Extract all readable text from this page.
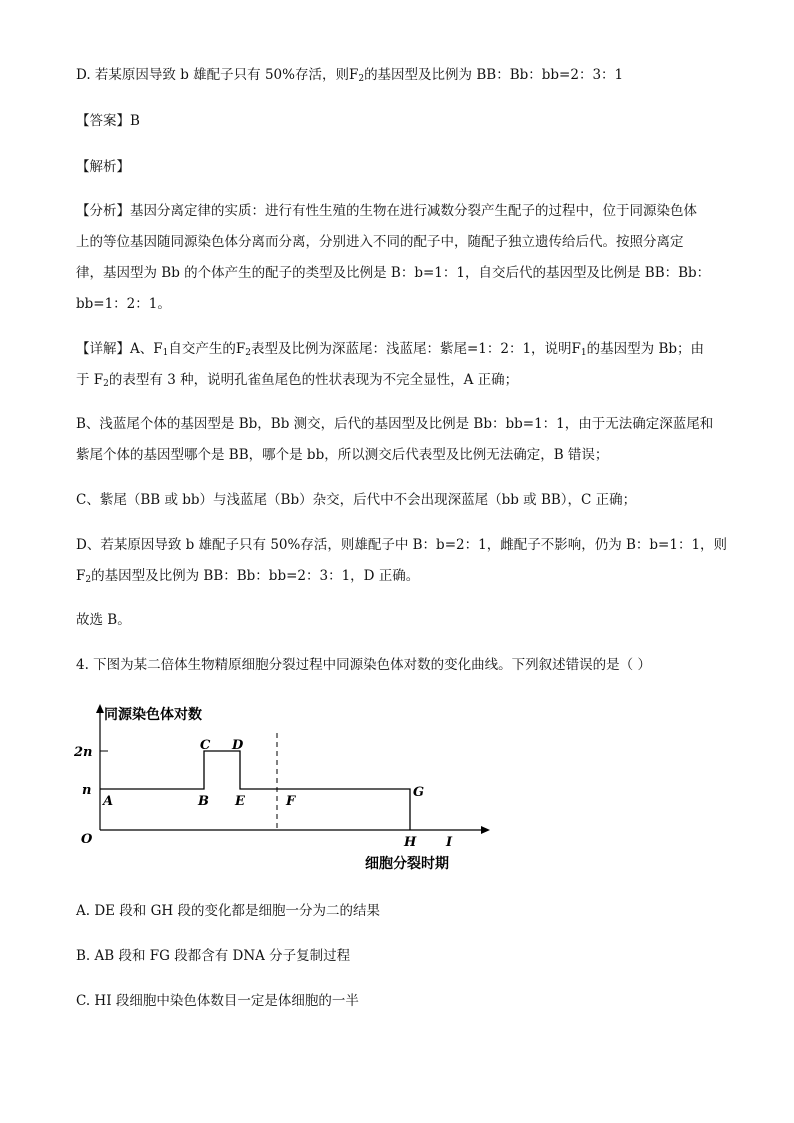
D. 若某原因导致 b 雄配子只有 50%存活，则$F_2$的基因型及比例为 BB：Bb：bb=2：3：1
【答案】B
【解析】
【分析】基因分离定律的实质：进行有性生殖的生物在进行减数分裂产生配子的过程中，位于同源染色体
上的等位基因随同源染色体分离而分离，分别进入不同的配子中，随配子独立遗传给后代。按照分离定
律，基因型为 Bb 的个体产生的配子的类型及比例是 B：b=1：1，自交后代的基因型及比例是 BB：Bb：
bb=1：2：1。
【详解】A、$F_1$自交产生的$F_2$表型及比例为深蓝尾：浅蓝尾：紫尾=1：2：1，说明$F_1$的基因型为 Bb；由
于 $F_2$的表型有 3 种，说明孔雀鱼尾色的性状表现为不完全显性，A 正确；
B、浅蓝尾个体的基因型是 Bb，Bb 测交，后代的基因型及比例是 Bb：bb=1：1，由于无法确定深蓝尾和
紫尾个体的基因型哪个是 BB，哪个是 bb，所以测交后代表型及比例无法确定，B 错误；
C、紫尾（BB 或 bb）与浅蓝尾（Bb）杂交，后代中不会出现深蓝尾（bb 或 BB），C 正确；
D、若某原因导致 b 雄配子只有 50%存活，则雄配子中 B：b=2：1，雌配子不影响，仍为 B：b=1：1，则
$F_2$的基因型及比例为 BB：Bb：bb=2：3：1，D 正确。
故选 B。
4. 下图为某二倍体生物精原细胞分裂过程中同源染色体对数的变化曲线。下列叙述错误的是（ ）
同源染色体对数
细胞分裂时期
2n
n
O
A	B
C D
E	F
G
H I
A. DE 段和 GH 段的变化都是细胞一分为二的结果
B. AB 段和 FG 段都含有 DNA 分子复制过程
C. HI 段细胞中染色体数目一定是体细胞的一半
